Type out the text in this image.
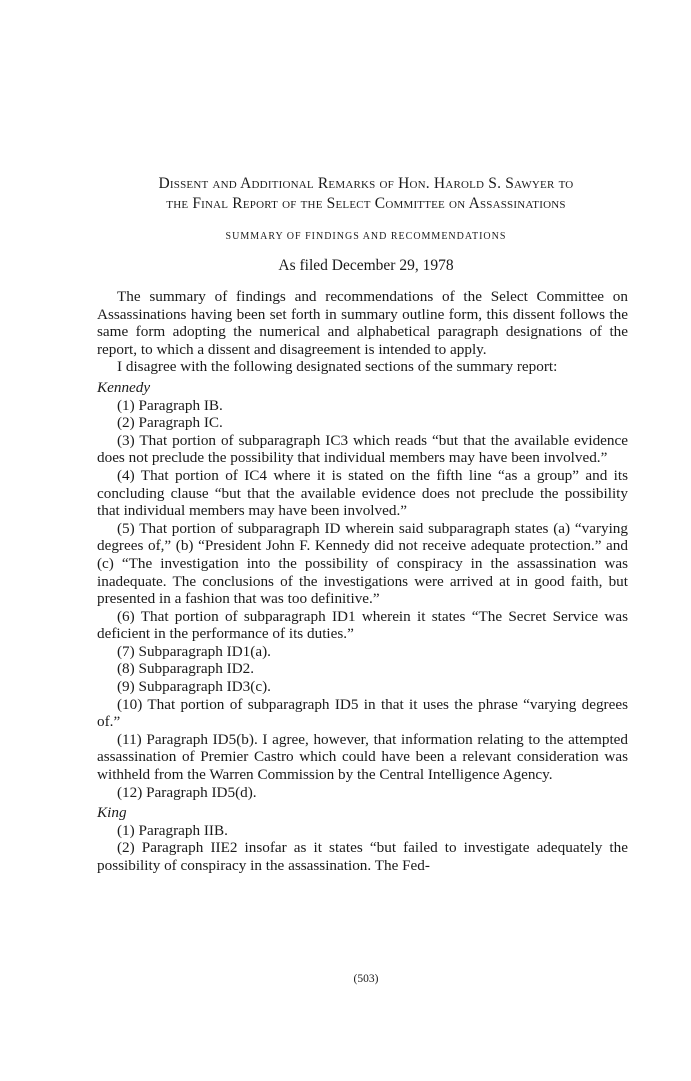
Dissent and Additional Remarks of Hon. Harold S. Sawyer to
the Final Report of the Select Committee on Assassinations
SUMMARY OF FINDINGS AND RECOMMENDATIONS

As filed December 29, 1978

The summary of findings and recommendations of the Select Committee on Assassinations having been set forth in summary outline form, this dissent follows the same form adopting the numerical and alphabetical paragraph designations of the report, to which a dissent and disagreement is intended to apply.

I disagree with the following designated sections of the summary report:

Kennedy

(1) Paragraph IB.

(2) Paragraph IC.

(3) That portion of subparagraph IC3 which reads “but that the available evidence does not preclude the possibility that individual members may have been involved.”

(4) That portion of IC4 where it is stated on the fifth line “as a group” and its concluding clause “but that the available evidence does not preclude the possibility that individual members may have been involved.”

(5) That portion of subparagraph ID wherein said subparagraph states (a) “varying degrees of,” (b) “President John F. Kennedy did not receive adequate protection.” and (c) “The investigation into the possibility of conspiracy in the assassination was inadequate. The conclusions of the investigations were arrived at in good faith, but presented in a fashion that was too definitive.”

(6) That portion of subparagraph ID1 wherein it states “The Secret Service was deficient in the performance of its duties.”

(7) Subparagraph ID1(a).

(8) Subparagraph ID2.

(9) Subparagraph ID3(c).

(10) That portion of subparagraph ID5 in that it uses the phrase “varying degrees of.”

(11) Paragraph ID5(b). I agree, however, that information relating to the attempted assassination of Premier Castro which could have been a relevant consideration was withheld from the Warren Commission by the Central Intelligence Agency.

(12) Paragraph ID5(d).

King

(1) Paragraph IIB.

(2) Paragraph IIE2 insofar as it states “but failed to investigate adequately the possibility of conspiracy in the assassination. The Fed-

(503)
